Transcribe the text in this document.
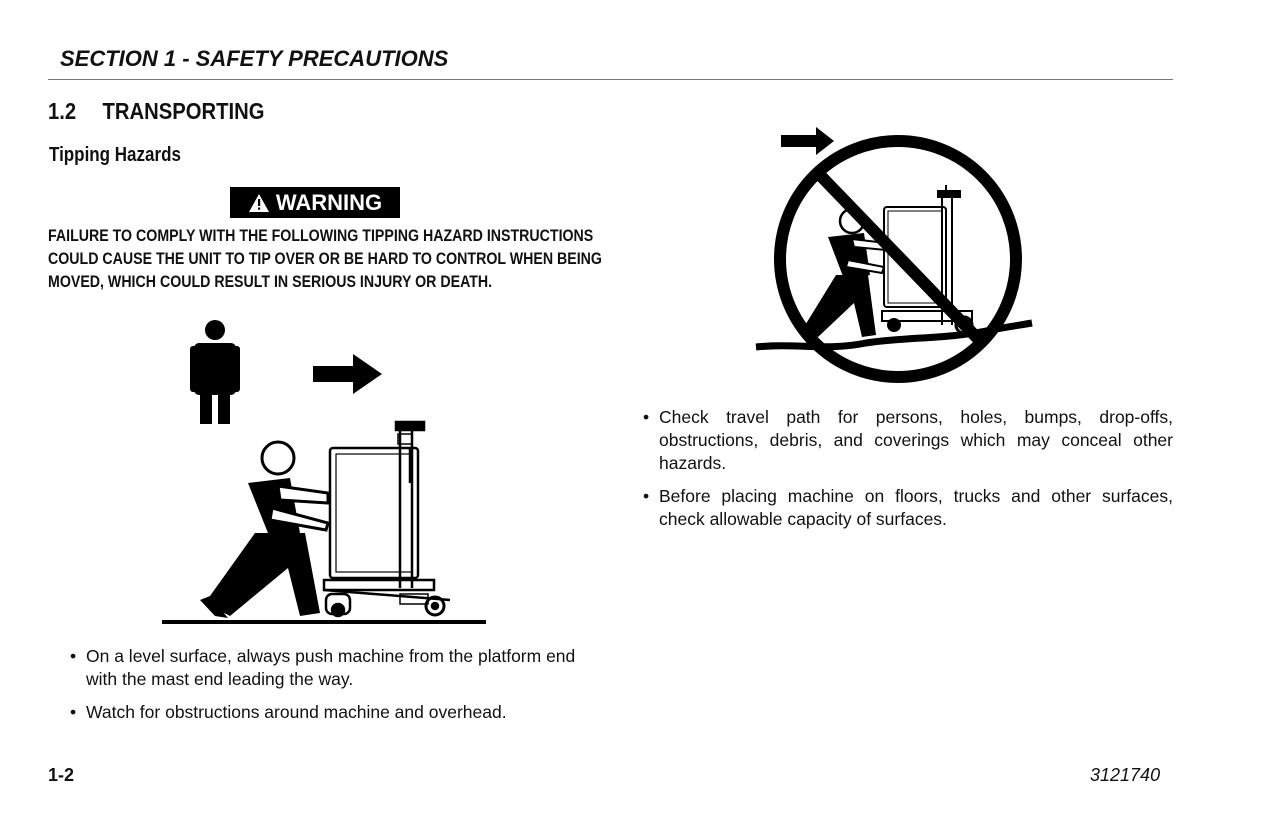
SECTION 1 - SAFETY PRECAUTIONS
1.2 TRANSPORTING
Tipping Hazards
WARNING
FAILURE TO COMPLY WITH THE FOLLOWING TIPPING HAZARD INSTRUCTIONS
COULD CAUSE THE UNIT TO TIP OVER OR BE HARD TO CONTROL WHEN BEING
MOVED, WHICH COULD RESULT IN SERIOUS INJURY OR DEATH.
• On a level surface, always push machine from the platform end with the mast end leading the way.
• Watch for obstructions around machine and overhead.
• Check travel path for persons, holes, bumps, drop-offs, obstructions, debris, and coverings which may conceal other hazards.
• Before placing machine on floors, trucks and other surfaces, check allowable capacity of surfaces.
1-2	3121740
